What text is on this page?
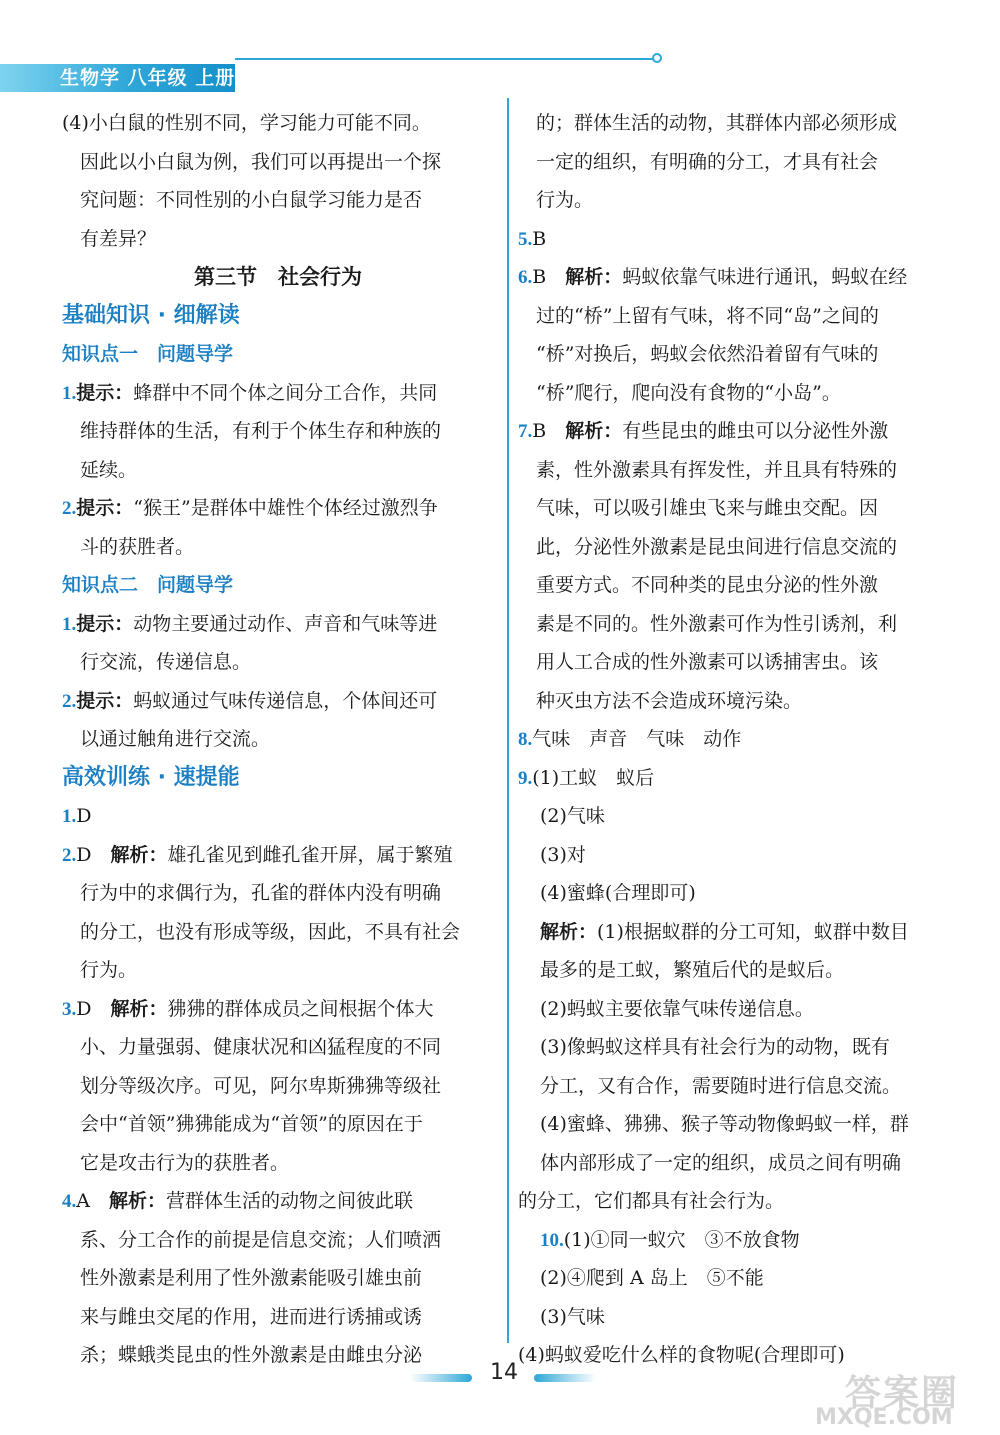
生物学 八年级 上册
(4)小白鼠的性别不同，学习能力可能不同。
因此以小白鼠为例，我们可以再提出一个探
究问题：不同性别的小白鼠学习能力是否
有差异？
第三节　社会行为
基础知识 · 细解读
知识点一　问题导学
1.提示：蜂群中不同个体之间分工合作，共同
维持群体的生活，有利于个体生存和种族的
延续。
2.提示：“猴王”是群体中雄性个体经过激烈争
斗的获胜者。
知识点二　问题导学
1.提示：动物主要通过动作、声音和气味等进
行交流，传递信息。
2.提示：蚂蚁通过气味传递信息，个体间还可
以通过触角进行交流。
高效训练 · 速提能
1.D
2.D　解析：雄孔雀见到雌孔雀开屏，属于繁殖
行为中的求偶行为，孔雀的群体内没有明确
的分工，也没有形成等级，因此，不具有社会
行为。
3.D　解析：狒狒的群体成员之间根据个体大
小、力量强弱、健康状况和凶猛程度的不同
划分等级次序。可见，阿尔卑斯狒狒等级社
会中“首领”狒狒能成为“首领”的原因在于
它是攻击行为的获胜者。
4.A　解析：营群体生活的动物之间彼此联
系、分工合作的前提是信息交流；人们喷洒
性外激素是利用了性外激素能吸引雄虫前
来与雌虫交尾的作用，进而进行诱捕或诱
杀；蝶蛾类昆虫的性外激素是由雌虫分泌
的；群体生活的动物，其群体内部必须形成
一定的组织，有明确的分工，才具有社会
行为。
5.B
6.B　解析：蚂蚁依靠气味进行通讯，蚂蚁在经
过的“桥”上留有气味，将不同“岛”之间的
“桥”对换后，蚂蚁会依然沿着留有气味的
“桥”爬行，爬向没有食物的“小岛”。
7.B　解析：有些昆虫的雌虫可以分泌性外激
素，性外激素具有挥发性，并且具有特殊的
气味，可以吸引雄虫飞来与雌虫交配。因
此，分泌性外激素是昆虫间进行信息交流的
重要方式。不同种类的昆虫分泌的性外激
素是不同的。性外激素可作为性引诱剂，利
用人工合成的性外激素可以诱捕害虫。该
种灭虫方法不会造成环境污染。
8.气味　声音　气味　动作
9.(1)工蚁　蚁后
(2)气味
(3)对
(4)蜜蜂(合理即可)
解析：(1)根据蚁群的分工可知，蚁群中数目
最多的是工蚁，繁殖后代的是蚁后。
(2)蚂蚁主要依靠气味传递信息。
(3)像蚂蚁这样具有社会行为的动物，既有
分工，又有合作，需要随时进行信息交流。
(4)蜜蜂、狒狒、猴子等动物像蚂蚁一样，群
体内部形成了一定的组织，成员之间有明确
的分工，它们都具有社会行为。
10.(1)①同一蚁穴　③不放食物
(2)④爬到 A 岛上　⑤不能
(3)气味
(4)蚂蚁爱吃什么样的食物呢(合理即可)
14
答案圈
MXQE.COM
